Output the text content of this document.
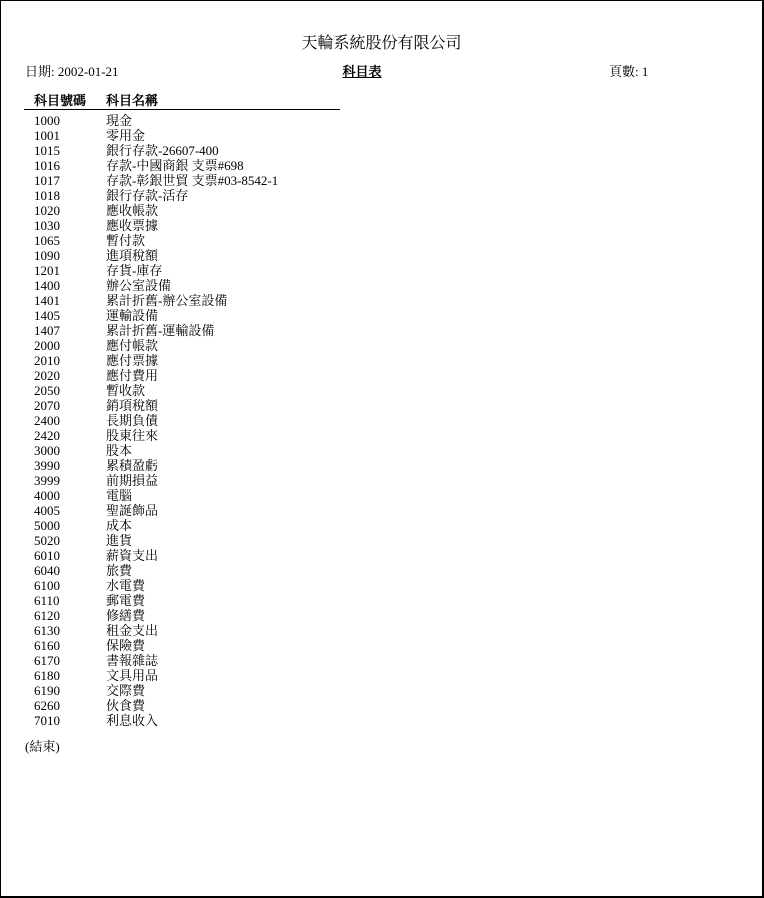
天輪系統股份有限公司
日期: 2002-01-21	科目表	頁數: 1
科目號碼 科目名稱
1000	現金
1001	零用金
1015	銀行存款-26607-400
1016	存款-中國商銀 支票#698
1017	存款-彰銀世貿 支票#03-8542-1
1018	銀行存款-活存
1020	應收帳款
1030	應收票據
1065	暫付款
1090	進項稅額
1201	存貨-庫存
1400	辦公室設備
1401	累計折舊-辦公室設備
1405	運輸設備
1407	累計折舊-運輸設備
2000	應付帳款
2010	應付票據
2020	應付費用
2050	暫收款
2070	銷項稅額
2400	長期負債
2420	股東往來
3000	股本
3990	累積盈虧
3999	前期損益
4000	電腦
4005	聖誕飾品
5000	成本
5020	進貨
6010	薪資支出
6040	旅費
6100	水電費
6110	郵電費
6120	修繕費
6130	租金支出
6160	保險費
6170	書報雜誌
6180	文具用品
6190	交際費
6260	伙食費
7010	利息收入
(結束)
